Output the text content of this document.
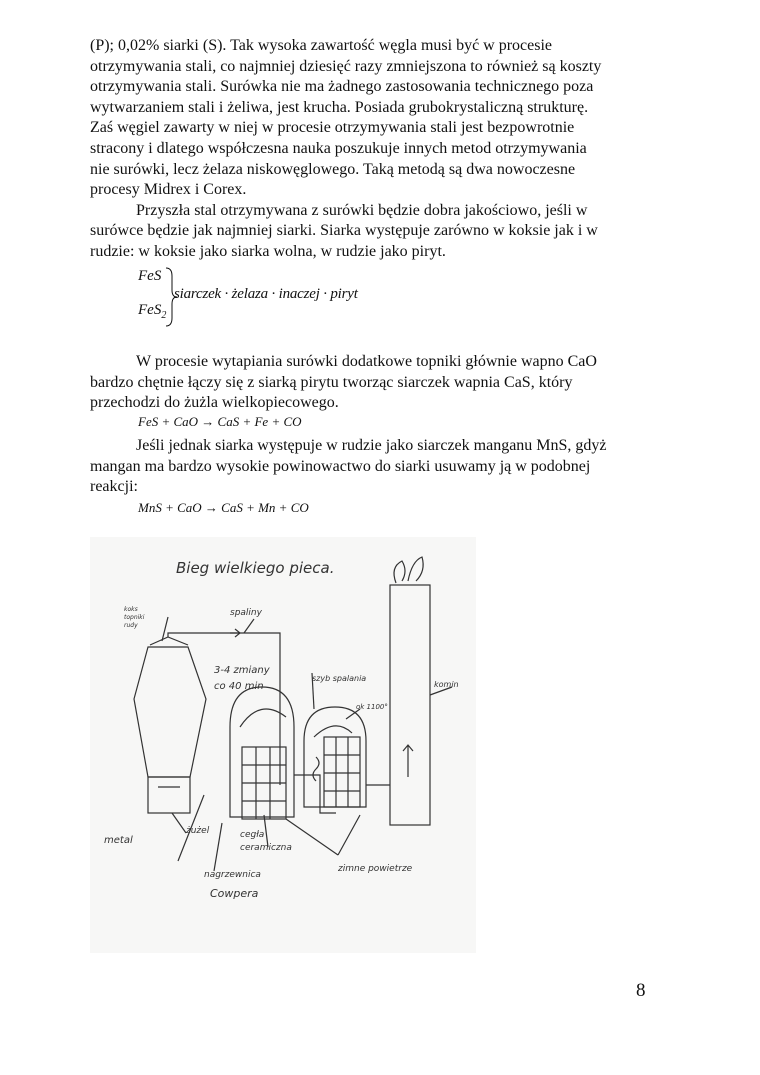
(P); 0,02% siarki (S). Tak wysoka zawartość węgla musi być w procesie
otrzymywania stali, co najmniej dziesięć razy zmniejszona to również są koszty
otrzymywania stali. Surówka nie ma żadnego zastosowania technicznego poza
wytwarzaniem stali i żeliwa, jest krucha. Posiada grubokrystaliczną strukturę.
Zaś węgiel zawarty w niej w procesie otrzymywania stali jest bezpowrotnie
stracony i dlatego współczesna nauka poszukuje innych metod otrzymywania
nie surówki, lecz żelaza niskowęglowego. Taką metodą są dwa nowoczesne
procesy Midrex i Corex.
Przyszła stal otrzymywana z surówki będzie dobra jakościowo, jeśli w
surówce będzie jak najmniej siarki. Siarka występuje zarówno w koksie jak i w
rudzie: w koksie jako siarka wolna, w rudzie jako piryt.
FeS
FeS$_2$
siarczek · żelaza · inaczej · piryt
W procesie wytapiania surówki dodatkowe topniki głównie wapno CaO
bardzo chętnie łączy się z siarką pirytu tworząc siarczek wapnia CaS, który
przechodzi do żużla wielkopiecowego.
FeS + CaO → CaS + Fe + CO
Jeśli jednak siarka występuje w rudzie jako siarczek manganu MnS, gdyż
mangan ma bardzo wysokie powinowactwo do siarki usuwamy ją w podobnej
reakcji:
MnS + CaO → CaS + Mn + CO
Bieg wielkiego pieca.
koks
topniki
rudy
spaliny
3-4 zmiany
co 40 min
szyb spalania
ok 1100°
komin
metal
żużel	cegła
ceramiczna
zimne powietrze
nagrzewnica
Cowpera
8
